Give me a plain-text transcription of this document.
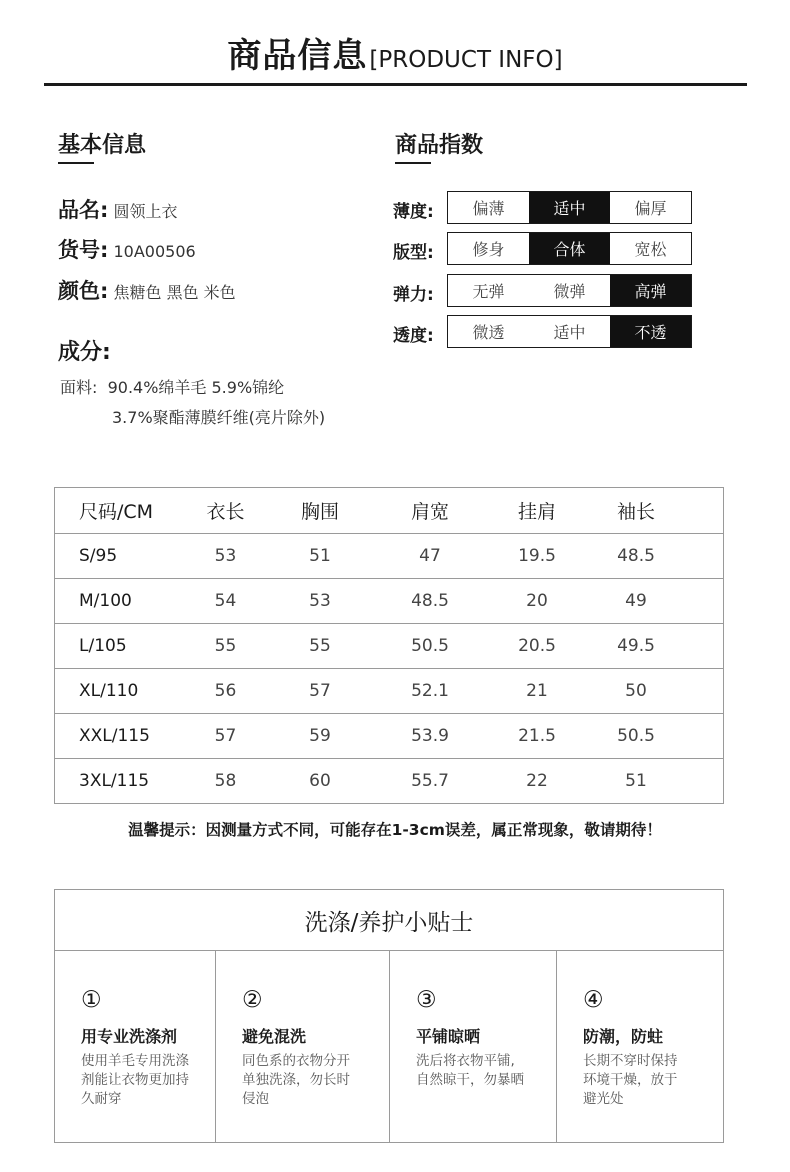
商品信息[PRODUCT INFO]
基本信息
品名: 圆领上衣
货号: 10A00506
颜色: 焦糖色 黑色 米色
成分:
面料: 90.4%绵羊毛 5.9%锦纶
3.7%聚酯薄膜纤维(亮片除外)
商品指数
薄度:	偏薄	适中	偏厚
版型:	修身	合体	宽松
弹力:	无弹	微弹	高弹
透度:	微透	适中	不透
尺码/CM	衣长	胸围	肩宽	挂肩	袖长
S/95	53	51	47	19.5	48.5
M/100	54	53	48.5	20	49
L/105	55	55	50.5	20.5	49.5
XL/110	56	57	52.1	21	50
XXL/115	57	59	53.9	21.5	50.5
3XL/115	58	60	55.7	22	51
温馨提示：因测量方式不同，可能存在1-3cm误差，属正常现象，敬请期待！
洗涤/养护小贴士
①
用专业洗涤剂
使用羊毛专用洗涤
剂能让衣物更加持
久耐穿
②
避免混洗
同色系的衣物分开
单独洗涤，勿长时
侵泡
③
平铺晾晒
洗后将衣物平铺,
自然晾干，勿暴晒
④
防潮，防蛀
长期不穿时保持
环境干燥，放于
避光处
